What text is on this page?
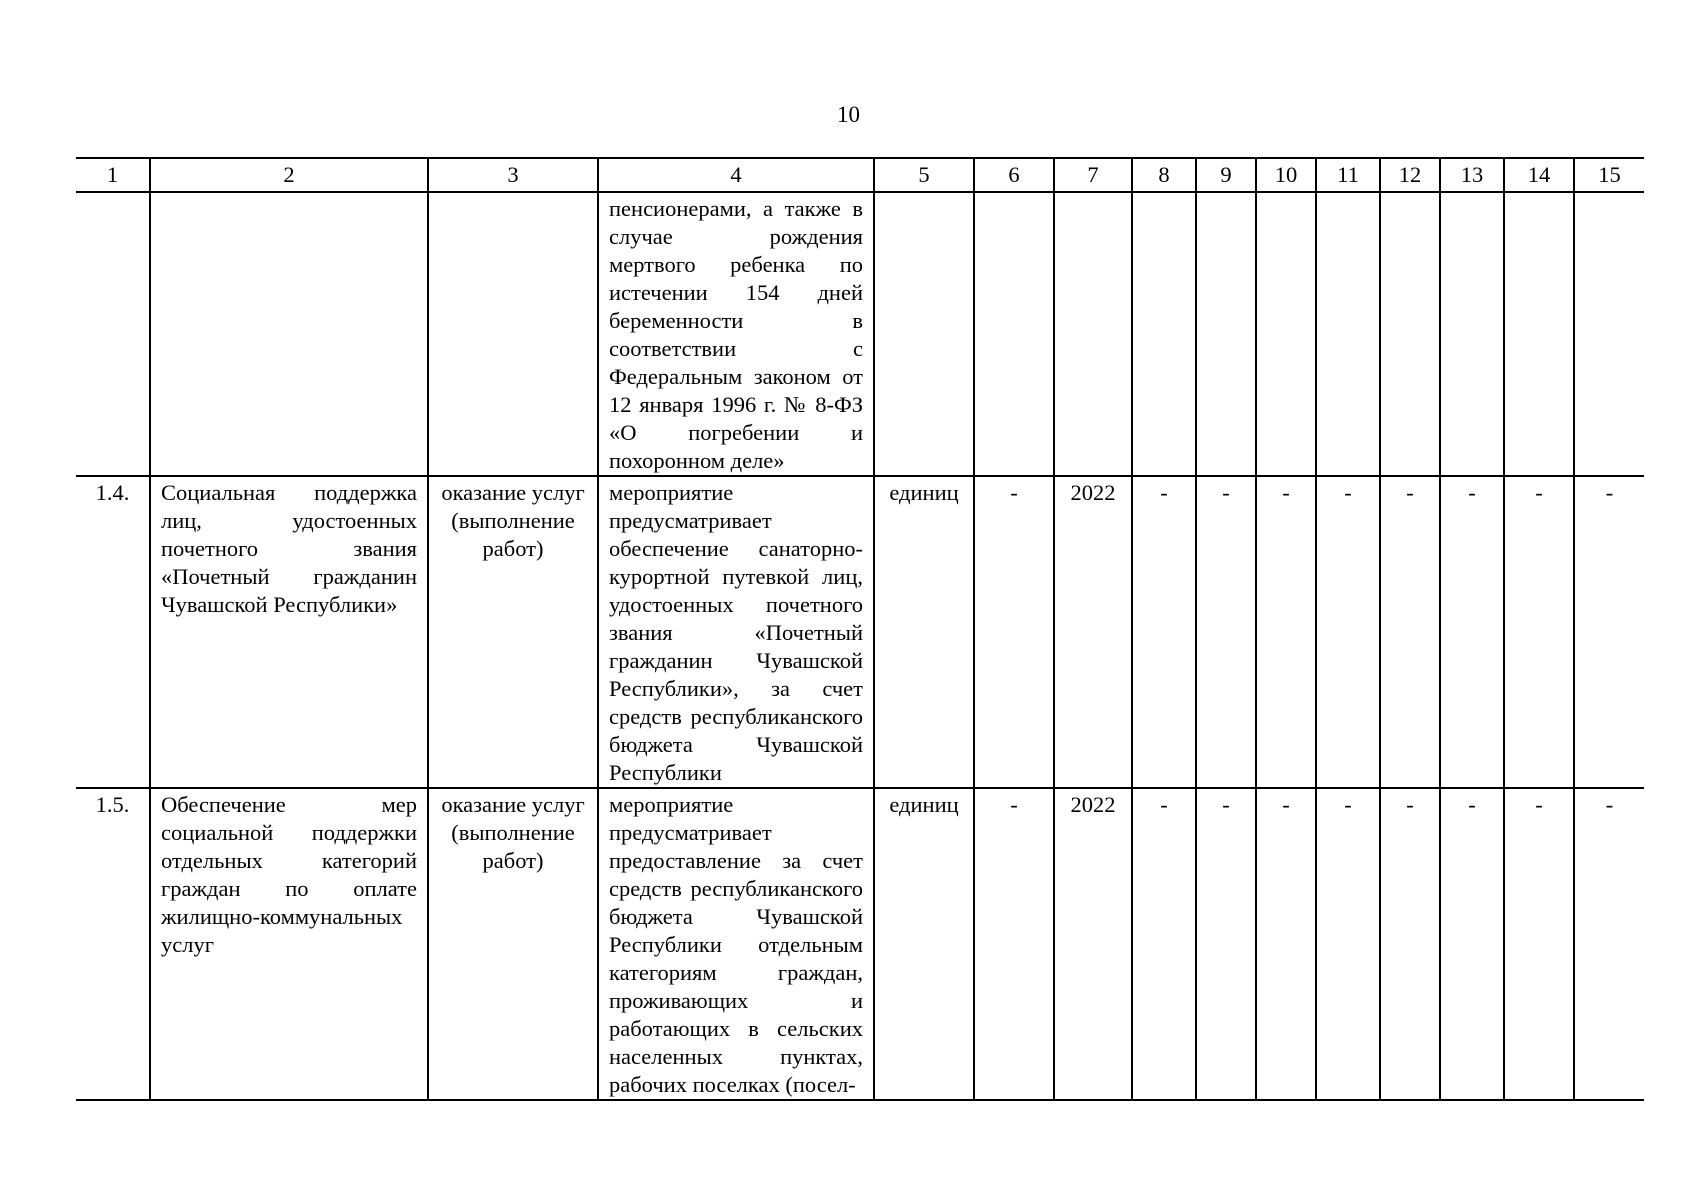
10
1	2	3	4	5	6	7	8	9	10	11	12	13	14	15
			пенсионерами, а также в случае рождения мертвого ребенка по истечении 154 дней беременности в соответствии с Федеральным законом от 12 января 1996 г. № 8-ФЗ «О погребении и похоронном деле»											
1.4.	Социальная поддержка лиц, удостоенных почетного звания «Почетный гражданин Чувашской Республики»	оказание услуг (выполнение работ)	мероприятие предусматривает обеспечение санаторно-курортной путевкой лиц, удостоенных почетного звания «Почетный гражданин Чувашской Республики», за счет средств республиканского бюджета Чувашской Республики	единиц	-	2022	-	-	-	-	-	-	-	-
1.5.	Обеспечение мер социальной поддержки отдельных категорий граждан по оплате жилищно-коммунальных услуг	оказание услуг (выполнение работ)	мероприятие предусматривает предоставление за счет средств республиканского бюджета Чувашской Республики отдельным категориям граждан, проживающих и работающих в сельских населенных пунктах, рабочих поселках (посел-	единиц	-	2022	-	-	-	-	-	-	-	-
